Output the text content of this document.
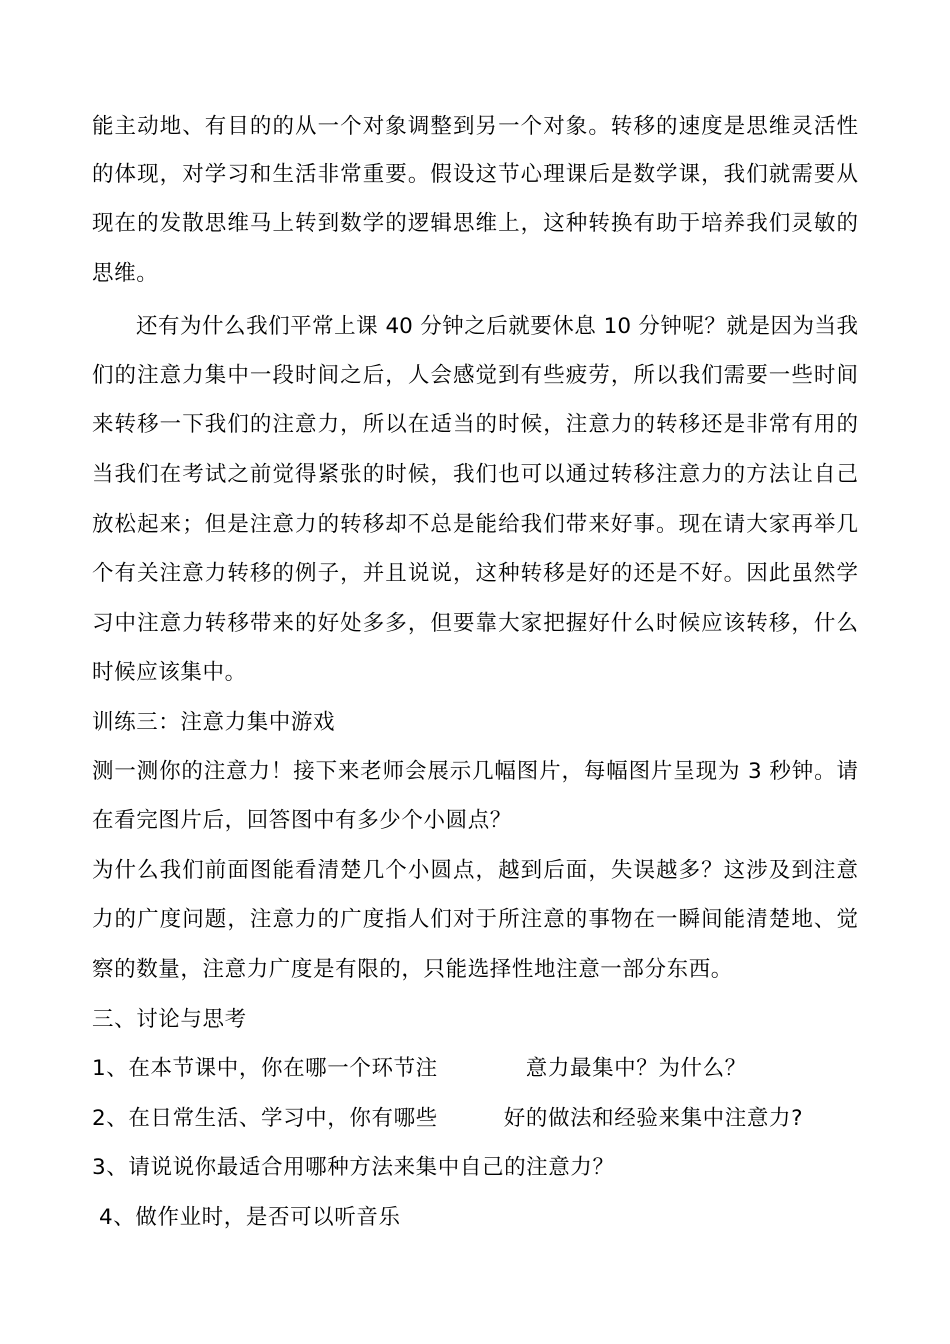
能主动地、有目的的从一个对象调整到另一个对象。转移的速度是思维灵活性
的体现，对学习和生活非常重要。假设这节心理课后是数学课，我们就需要从
现在的发散思维马上转到数学的逻辑思维上，这种转换有助于培养我们灵敏的
思维。
还有为什么我们平常上课 40 分钟之后就要休息 10 分钟呢？就是因为当我
们的注意力集中一段时间之后，人会感觉到有些疲劳，所以我们需要一些时间
来转移一下我们的注意力，所以在适当的时候，注意力的转移还是非常有用的
当我们在考试之前觉得紧张的时候，我们也可以通过转移注意力的方法让自己
放松起来；但是注意力的转移却不总是能给我们带来好事。现在请大家再举几
个有关注意力转移的例子，并且说说，这种转移是好的还是不好。因此虽然学
习中注意力转移带来的好处多多，但要靠大家把握好什么时候应该转移，什么
时候应该集中。
训练三：注意力集中游戏
测一测你的注意力！接下来老师会展示几幅图片，每幅图片呈现为 3 秒钟。请
在看完图片后，回答图中有多少个小圆点？
为什么我们前面图能看清楚几个小圆点，越到后面，失误越多？这涉及到注意
力的广度问题，注意力的广度指人们对于所注意的事物在一瞬间能清楚地、觉
察的数量，注意力广度是有限的，只能选择性地注意一部分东西。
三、讨论与思考
1、在本节课中，你在哪一个环节注	意力最集中？为什么？
2、在日常生活、学习中，你有哪些	好的做法和经验来集中注意力?
3、请说说你最适合用哪种方法来集中自己的注意力？
4、做作业时，是否可以听音乐
